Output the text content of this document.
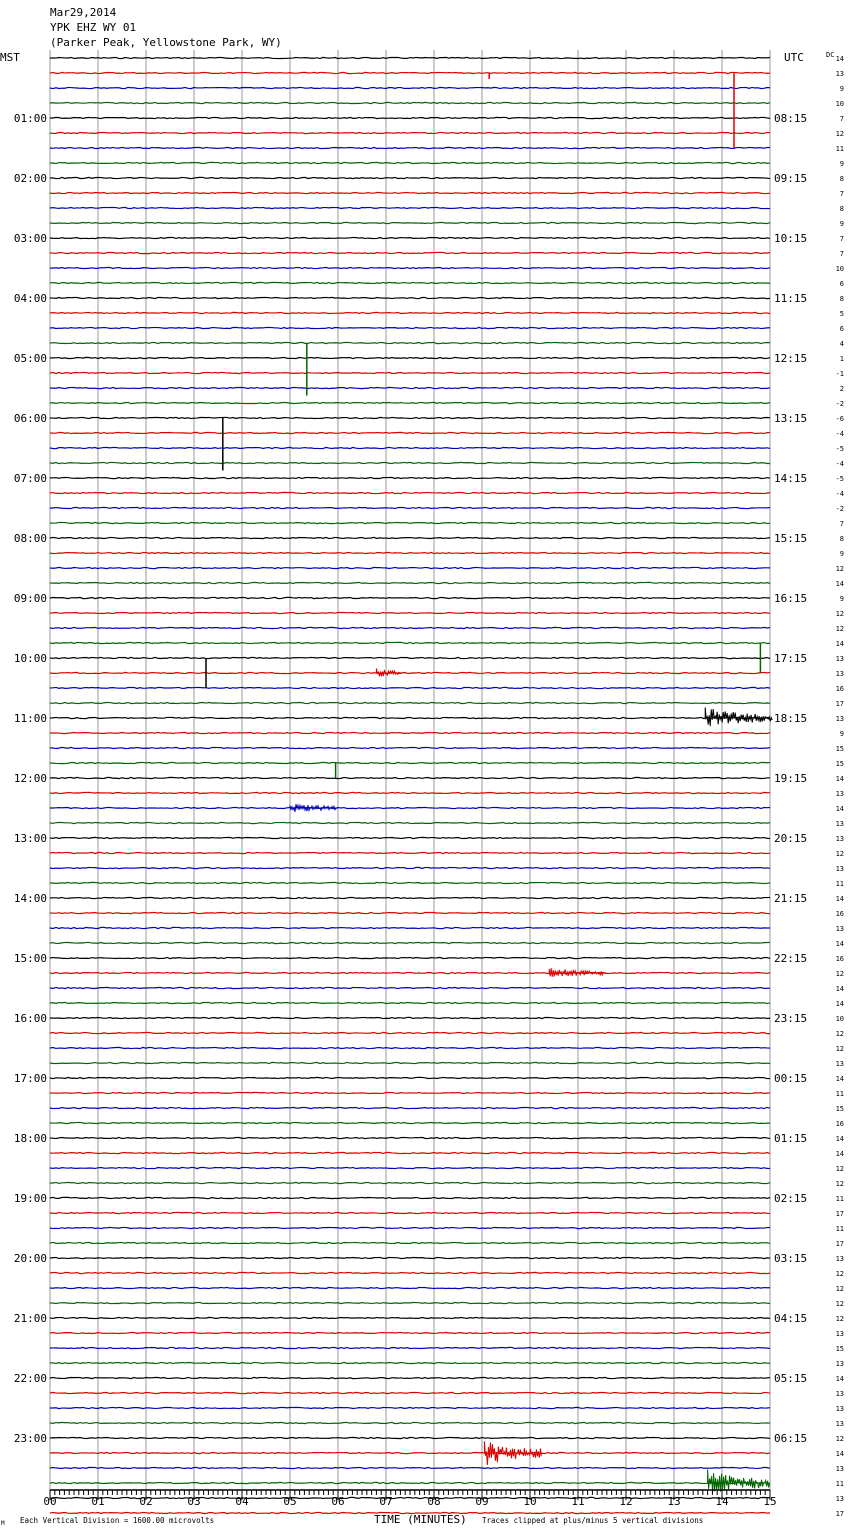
00	01	02	03	04	05	06	07	08	09	10	11	12	13	14	15
01:00
02:00
03:00
04:00
05:00
06:00
07:00
08:00
09:00
10:00
11:00
12:00
13:00
14:00
15:00
16:00
17:00
18:00
19:00
20:00
21:00
22:00
23:00
08:15
09:15
10:15
11:15
12:15
13:15
14:15
15:15
16:15
17:15
18:15
19:15
20:15
21:15
22:15
23:15
00:15
01:15
02:15
03:15
04:15
05:15
06:15
14
13
9
10
7
12
11
9
8
7
8
9
7
7
10
6
8
5
6
4
1
-1
2
-2
-6
-4
-5
-4
-5
-4
-2
7
8
9
12
14
9
12
12
14
13
13
16
17
13
9
15
15
14
13
14
13
13
12
13
11
14
16
13
14
16
12
14
14
10
12
12
13
14
11
15
16
14
14
12
12
11
17
11
17
13
12
12
12
12
13
15
13
14
13
13
13
12
14
13
11
13
17
Mar29,2014
YPK EHZ WY 01
(Parker Peak, Yellowstone Park, WY)
MST	UTC	DC
TIME (MINUTES)
Each Vertical Division = 1600.00 microvolts	Traces clipped at plus/minus 5 vertical divisions
M
